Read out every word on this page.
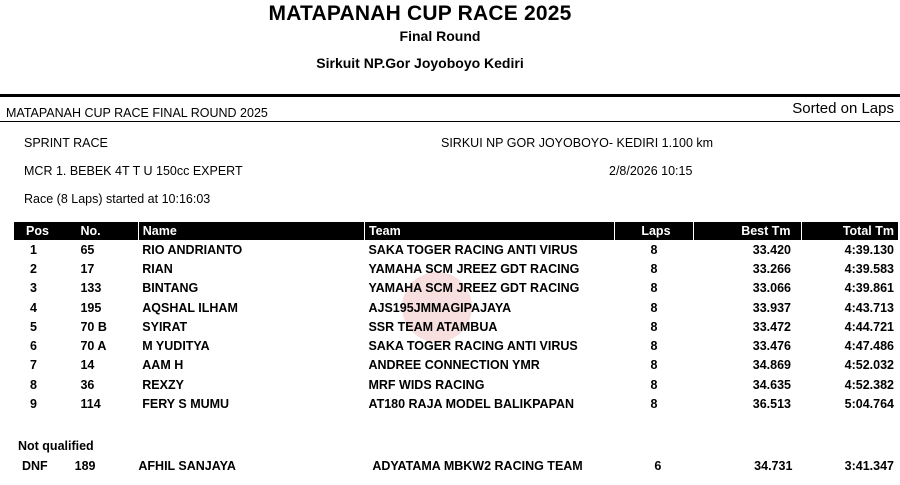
MATAPANAH CUP RACE 2025
Final Round
Sirkuit NP.Gor Joyoboyo Kediri
MATAPANAH CUP RACE FINAL ROUND 2025	Sorted on Laps
SPRINT RACE	SIRKUI NP GOR JOYOBOYO- KEDIRI 1.100 km
MCR 1. BEBEK 4T T U 150cc EXPERT	2/8/2026 10:15
Race (8 Laps) started at 10:16:03
Pos	No.	Name	Team	Laps	Best Tm	Total Tm
1	65	RIO ANDRIANTO	SAKA TOGER RACING ANTI VIRUS	8	33.420	4:39.130
2	17	RIAN	YAMAHA SCM JREEZ GDT RACING	8	33.266	4:39.583
3	133	BINTANG	YAMAHA SCM JREEZ GDT RACING	8	33.066	4:39.861
4	195	AQSHAL ILHAM	AJS195JMMAGIPAJAYA	8	33.937	4:43.713
5	70 B	SYIRAT	SSR TEAM ATAMBUA	8	33.472	4:44.721
6	70 A	M YUDITYA	SAKA TOGER RACING ANTI VIRUS	8	33.476	4:47.486
7	14	AAM H	ANDREE CONNECTION YMR	8	34.869	4:52.032
8	36	REXZY	MRF WIDS RACING	8	34.635	4:52.382
9	114	FERY S MUMU	AT180 RAJA MODEL BALIKPAPAN	8	36.513	5:04.764
Not qualified
DNF	189	AFHIL SANJAYA	ADYATAMA MBKW2 RACING TEAM	6	34.731	3:41.347
